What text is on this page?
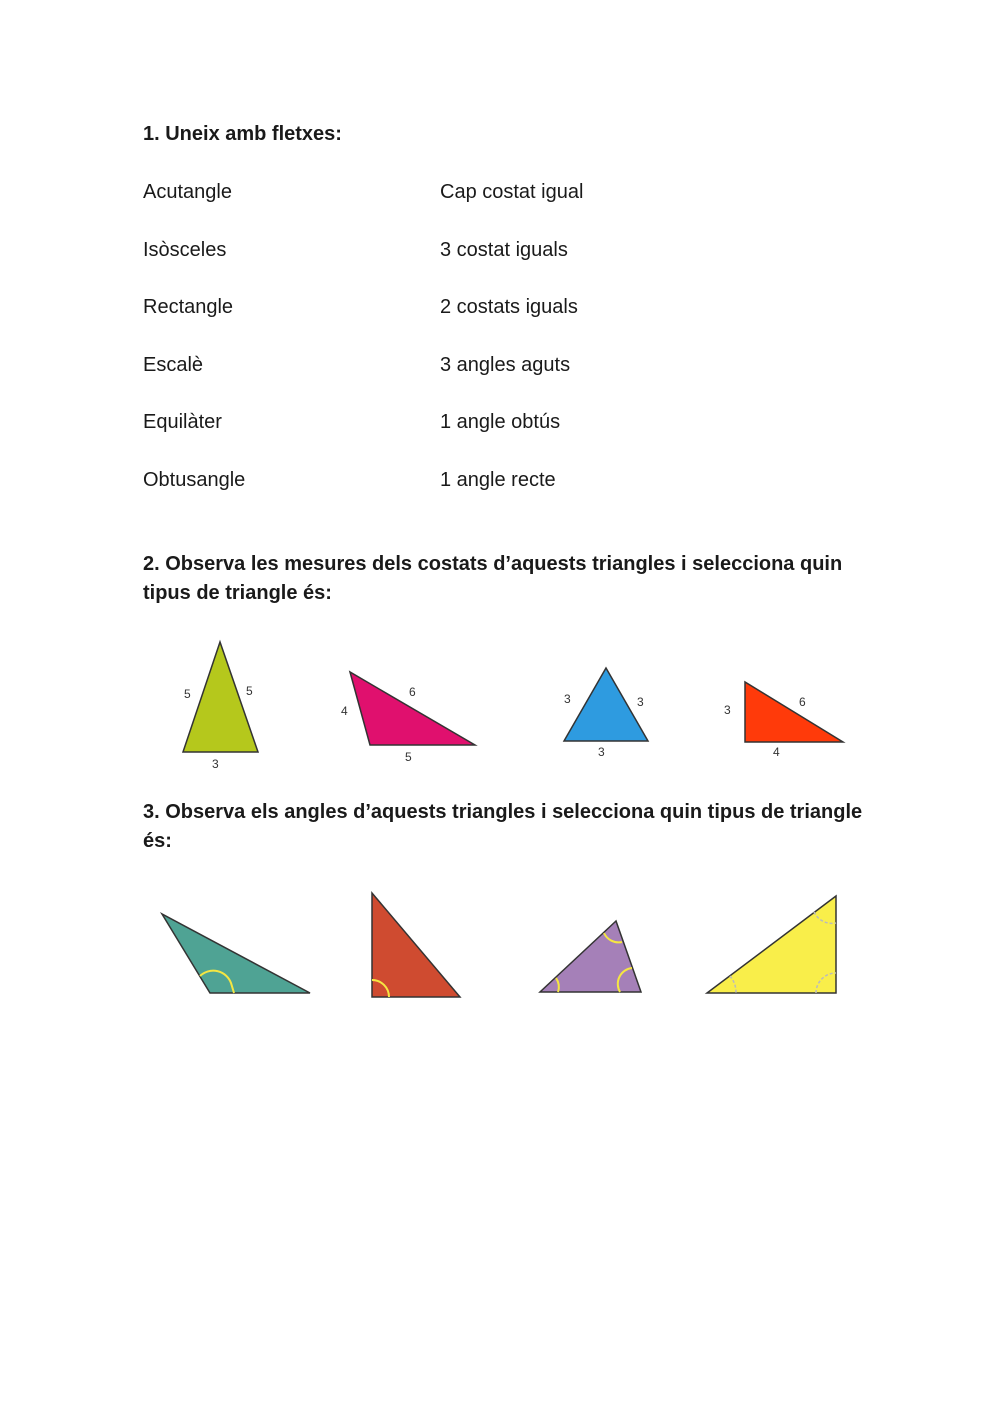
1. Uneix amb fletxes:
Acutangle
Isòsceles
Rectangle
Escalè
Equilàter
Obtusangle
Cap costat igual
3 costat iguals
2 costats iguals
3 angles aguts
1 angle obtús
1 angle recte
2. Observa les mesures dels costats d’aquests triangles i selecciona quin tipus de triangle és:
5	5
3
4
6
5
3	3
3
3
6
4
3. Observa els angles d’aquests triangles i selecciona quin tipus de triangle és:
